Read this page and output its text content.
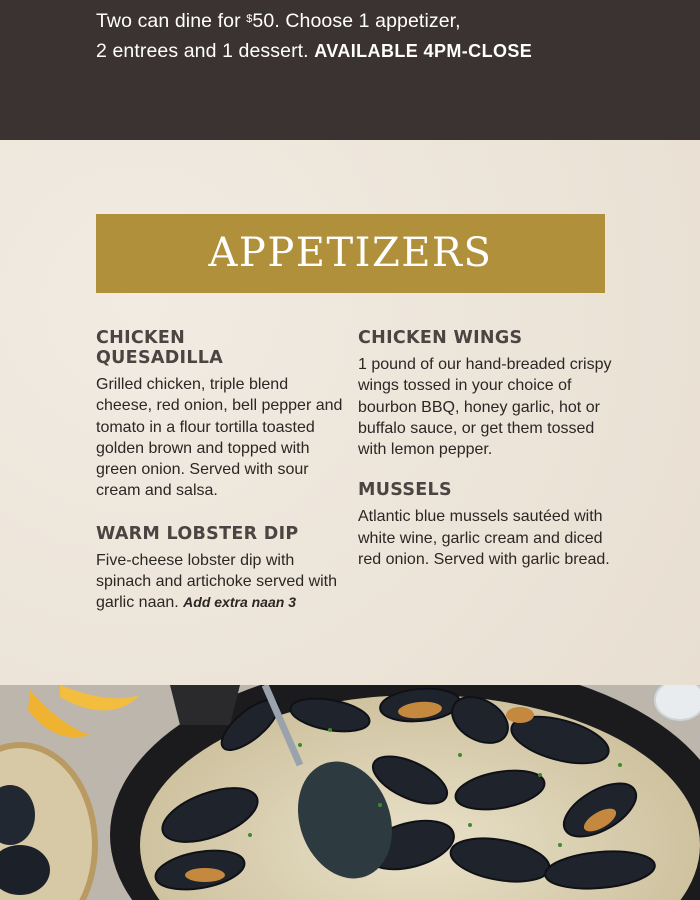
Two can dine for $50. Choose 1 appetizer,
2 entrees and 1 dessert. AVAILABLE 4PM-CLOSE
APPETIZERS
CHICKEN QUESADILLA
Grilled chicken, triple blend cheese, red onion, bell pepper and tomato in a flour tortilla toasted golden brown and topped with green onion. Served with sour cream and salsa.
WARM LOBSTER DIP
Five-cheese lobster dip with spinach and artichoke served with garlic naan. Add extra naan 3
CHICKEN WINGS
1 pound of our hand-breaded crispy wings tossed in your choice of bourbon BBQ, honey garlic, hot or buffalo sauce, or get them tossed with lemon pepper.
MUSSELS
Atlantic blue mussels sautéed with white wine, garlic cream and diced red onion. Served with garlic bread.
